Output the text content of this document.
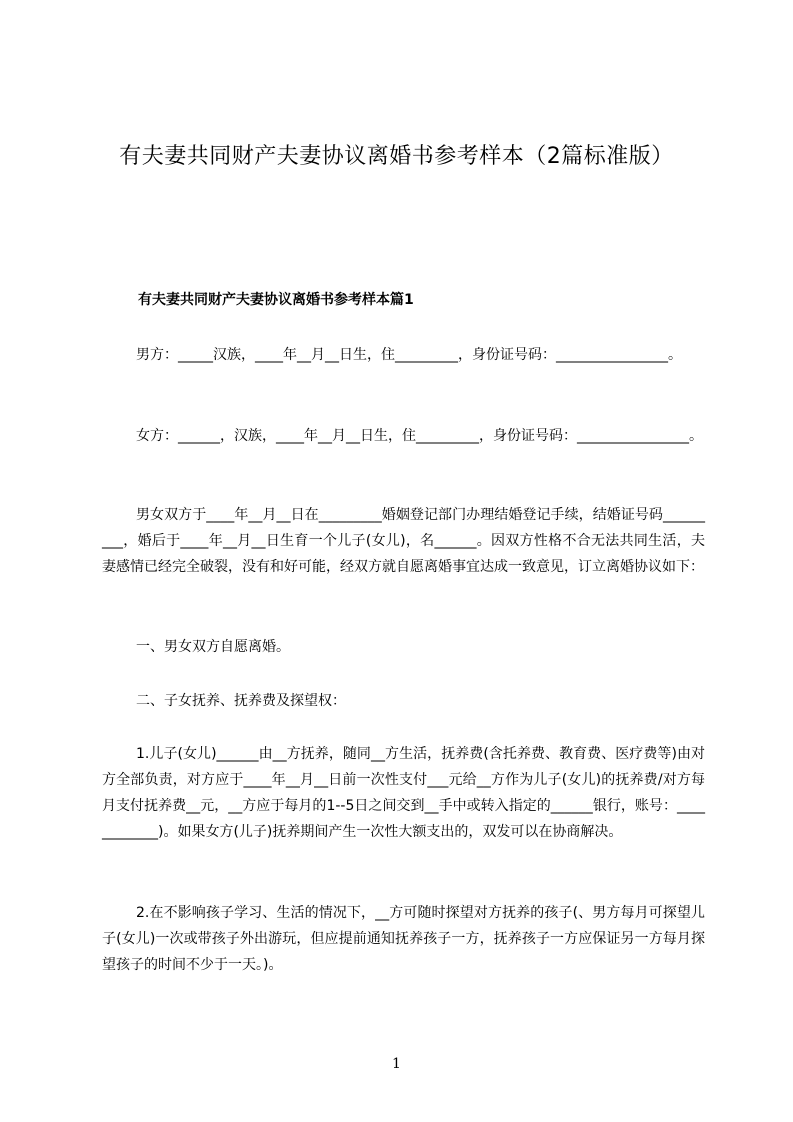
有夫妻共同财产夫妻协议离婚书参考样本（2篇标准版）
有夫妻共同财产夫妻协议离婚书参考样本篇1

男方：_____汉族，____年__月__日生，住_________，身份证号码：________________。

女方：______，汉族，____年__月__日生，住_________，身份证号码：________________。

男女双方于____年__月__日在_________婚姻登记部门办理结婚登记手续，结婚证号码_________，婚后于____年__月__日生育一个儿子(女儿)，名______。因双方性格不合无法共同生活，夫妻感情已经完全破裂，没有和好可能，经双方就自愿离婚事宜达成一致意见，订立离婚协议如下：

一、男女双方自愿离婚。

二、子女抚养、抚养费及探望权：

1.儿子(女儿)______由__方抚养，随同__方生活，抚养费(含托养费、教育费、医疗费等)由对方全部负责，对方应于____年__月__日前一次性支付___元给__方作为儿子(女儿)的抚养费/对方每月支付抚养费__元，__方应于每月的1--5日之间交到__手中或转入指定的______银行，账号：____________)。如果女方(儿子)抚养期间产生一次性大额支出的，双发可以在协商解决。

2.在不影响孩子学习、生活的情况下，__方可随时探望对方抚养的孩子(、男方每月可探望儿子(女儿)一次或带孩子外出游玩，但应提前通知抚养孩子一方，抚养孩子一方应保证另一方每月探望孩子的时间不少于一天。)。

1
